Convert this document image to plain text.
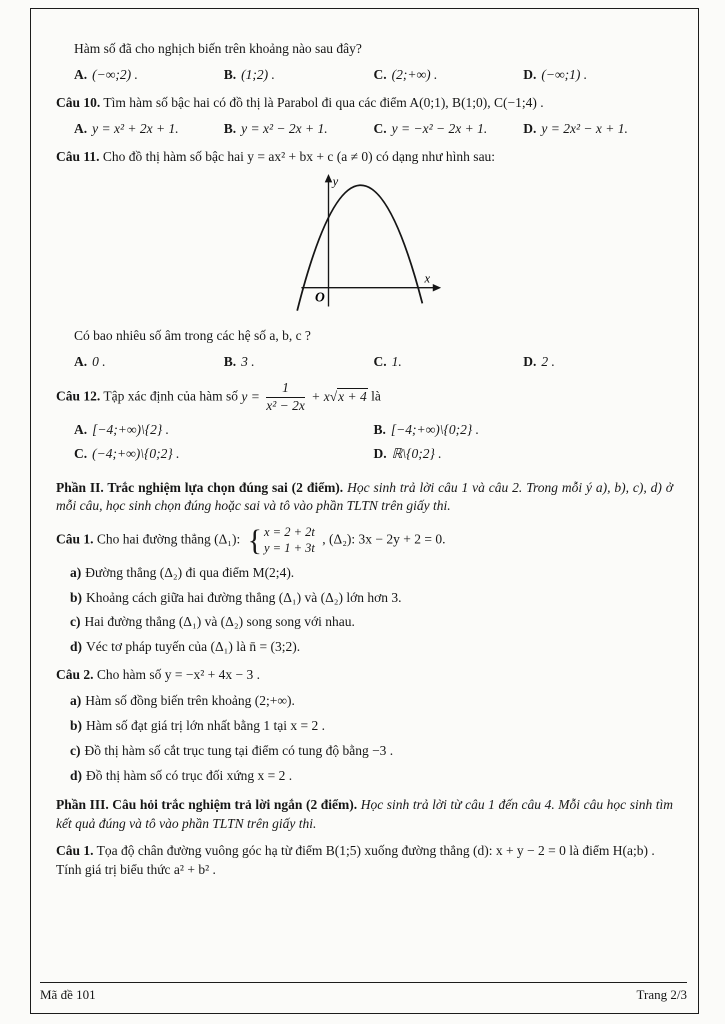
Hàm số đã cho nghịch biến trên khoảng nào sau đây?

A. (−∞;2) .	B. (1;2) .	C. (2;+∞) .	D. (−∞;1) .

Câu 10. Tìm hàm số bậc hai có đồ thị là Parabol đi qua các điểm A(0;1), B(1;0), C(−1;4) .

A. y = x² + 2x + 1.	B. y = x² − 2x + 1.	C. y = −x² − 2x + 1.	D. y = 2x² − x + 1.

Câu 11. Cho đồ thị hàm số bậc hai y = ax² + bx + c (a ≠ 0) có dạng như hình sau:

O
y
x

Có bao nhiêu số âm trong các hệ số a, b, c ?

A. 0 .	B. 3 .	C. 1.	D. 2 .

Câu 12. Tập xác định của hàm số $y = \frac{1}{\text{x² − 2x}} + x√x + 4$ là

A. [−4;+∞)\{2} .	B. [−4;+∞)\{0;2} .
C. (−4;+∞)\{0;2} .	D. ℝ\{0;2} .

Phần II. Trắc nghiệm lựa chọn đúng sai (2 điểm). Học sinh trả lời câu 1 và câu 2. Trong mỗi ý a), b), c), d) ở mỗi câu, học sinh chọn đúng hoặc sai và tô vào phần TLTN trên giấy thi.

Câu 1. Cho hai đường thẳng (Δ₁): { x = 2 + 2t
y = 1 + 3t
, (Δ₂): 3x − 2y + 2 = 0.

a) Đường thẳng (Δ₂) đi qua điểm M(2;4).

b) Khoảng cách giữa hai đường thẳng (Δ₁) và (Δ₂) lớn hơn 3.

c) Hai đường thẳng (Δ₁) và (Δ₂) song song với nhau.

d) Véc tơ pháp tuyến của (Δ₁) là n̄ = (3;2).

Câu 2. Cho hàm số y = −x² + 4x − 3 .

a) Hàm số đồng biến trên khoảng (2;+∞).

b) Hàm số đạt giá trị lớn nhất bằng 1 tại x = 2 .

c) Đồ thị hàm số cắt trục tung tại điểm có tung độ bằng −3 .

d) Đồ thị hàm số có trục đối xứng x = 2 .

Phần III. Câu hỏi trắc nghiệm trả lời ngắn (2 điểm). Học sinh trả lời từ câu 1 đến câu 4. Mỗi câu học sinh tìm kết quả đúng và tô vào phần TLTN trên giấy thi.

Câu 1. Tọa độ chân đường vuông góc hạ từ điểm B(1;5) xuống đường thẳng (d): x + y − 2 = 0 là điểm H(a;b) . Tính giá trị biểu thức a² + b² .

Mã đề 101	Trang 2/3
